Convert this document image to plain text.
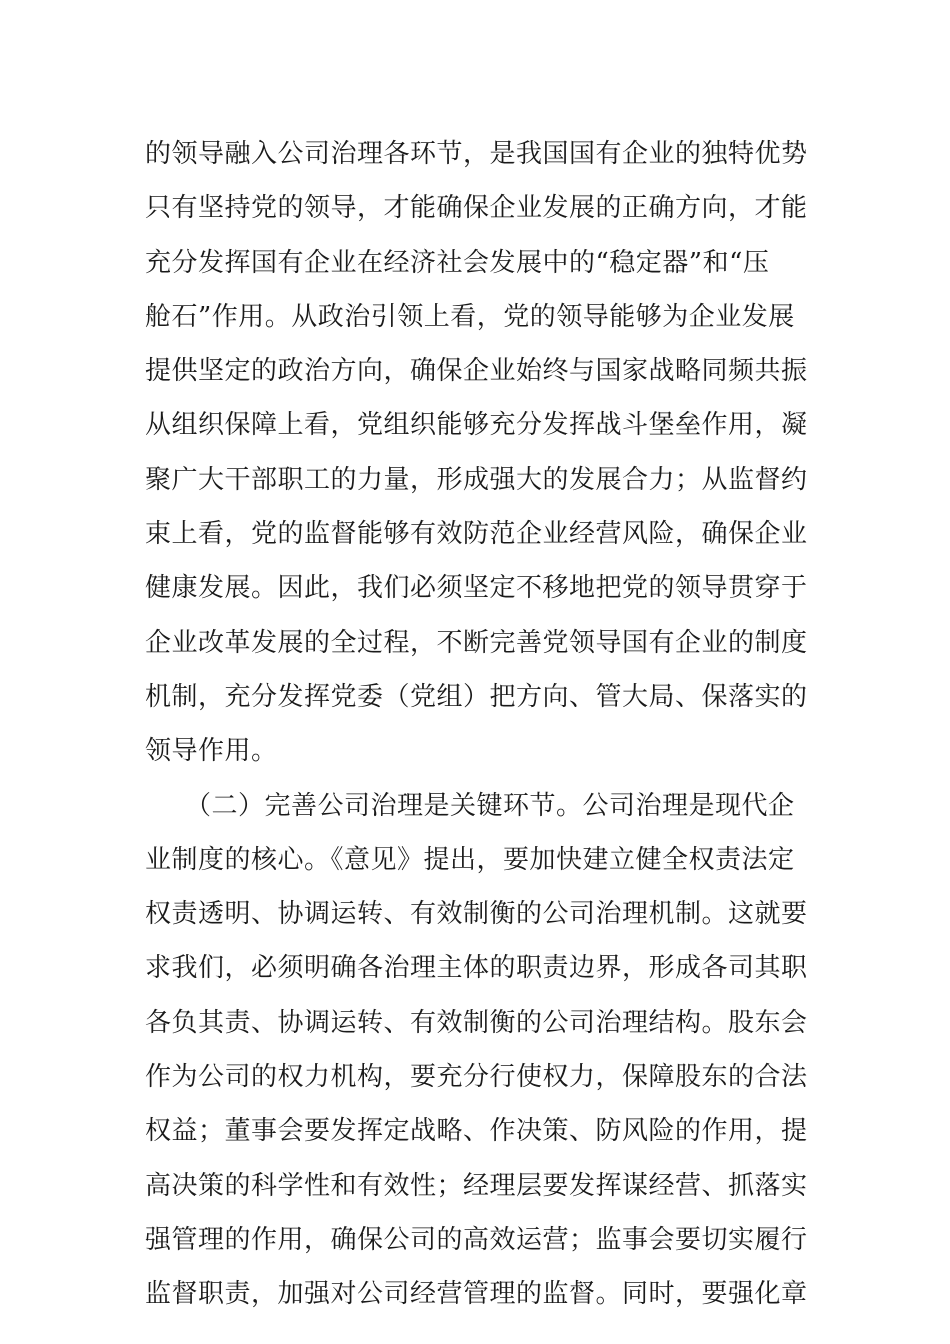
的领导融入公司治理各环节，是我国国有企业的独特优势
只有坚持党的领导，才能确保企业发展的正确方向，才能
充分发挥国有企业在经济社会发展中的“稳定器”和“压
舱石”作用。从政治引领上看，党的领导能够为企业发展
提供坚定的政治方向，确保企业始终与国家战略同频共振
从组织保障上看，党组织能够充分发挥战斗堡垒作用，凝
聚广大干部职工的力量，形成强大的发展合力；从监督约
束上看，党的监督能够有效防范企业经营风险，确保企业
健康发展。因此，我们必须坚定不移地把党的领导贯穿于
企业改革发展的全过程，不断完善党领导国有企业的制度
机制，充分发挥党委（党组）把方向、管大局、保落实的
领导作用。
　　（二）完善公司治理是关键环节。公司治理是现代企
业制度的核心。《意见》提出，要加快建立健全权责法定
权责透明、协调运转、有效制衡的公司治理机制。这就要
求我们，必须明确各治理主体的职责边界，形成各司其职
各负其责、协调运转、有效制衡的公司治理结构。股东会
作为公司的权力机构，要充分行使权力，保障股东的合法
权益；董事会要发挥定战略、作决策、防风险的作用，提
高决策的科学性和有效性；经理层要发挥谋经营、抓落实
强管理的作用，确保公司的高效运营；监事会要切实履行
监督职责，加强对公司经营管理的监督。同时，要强化章
